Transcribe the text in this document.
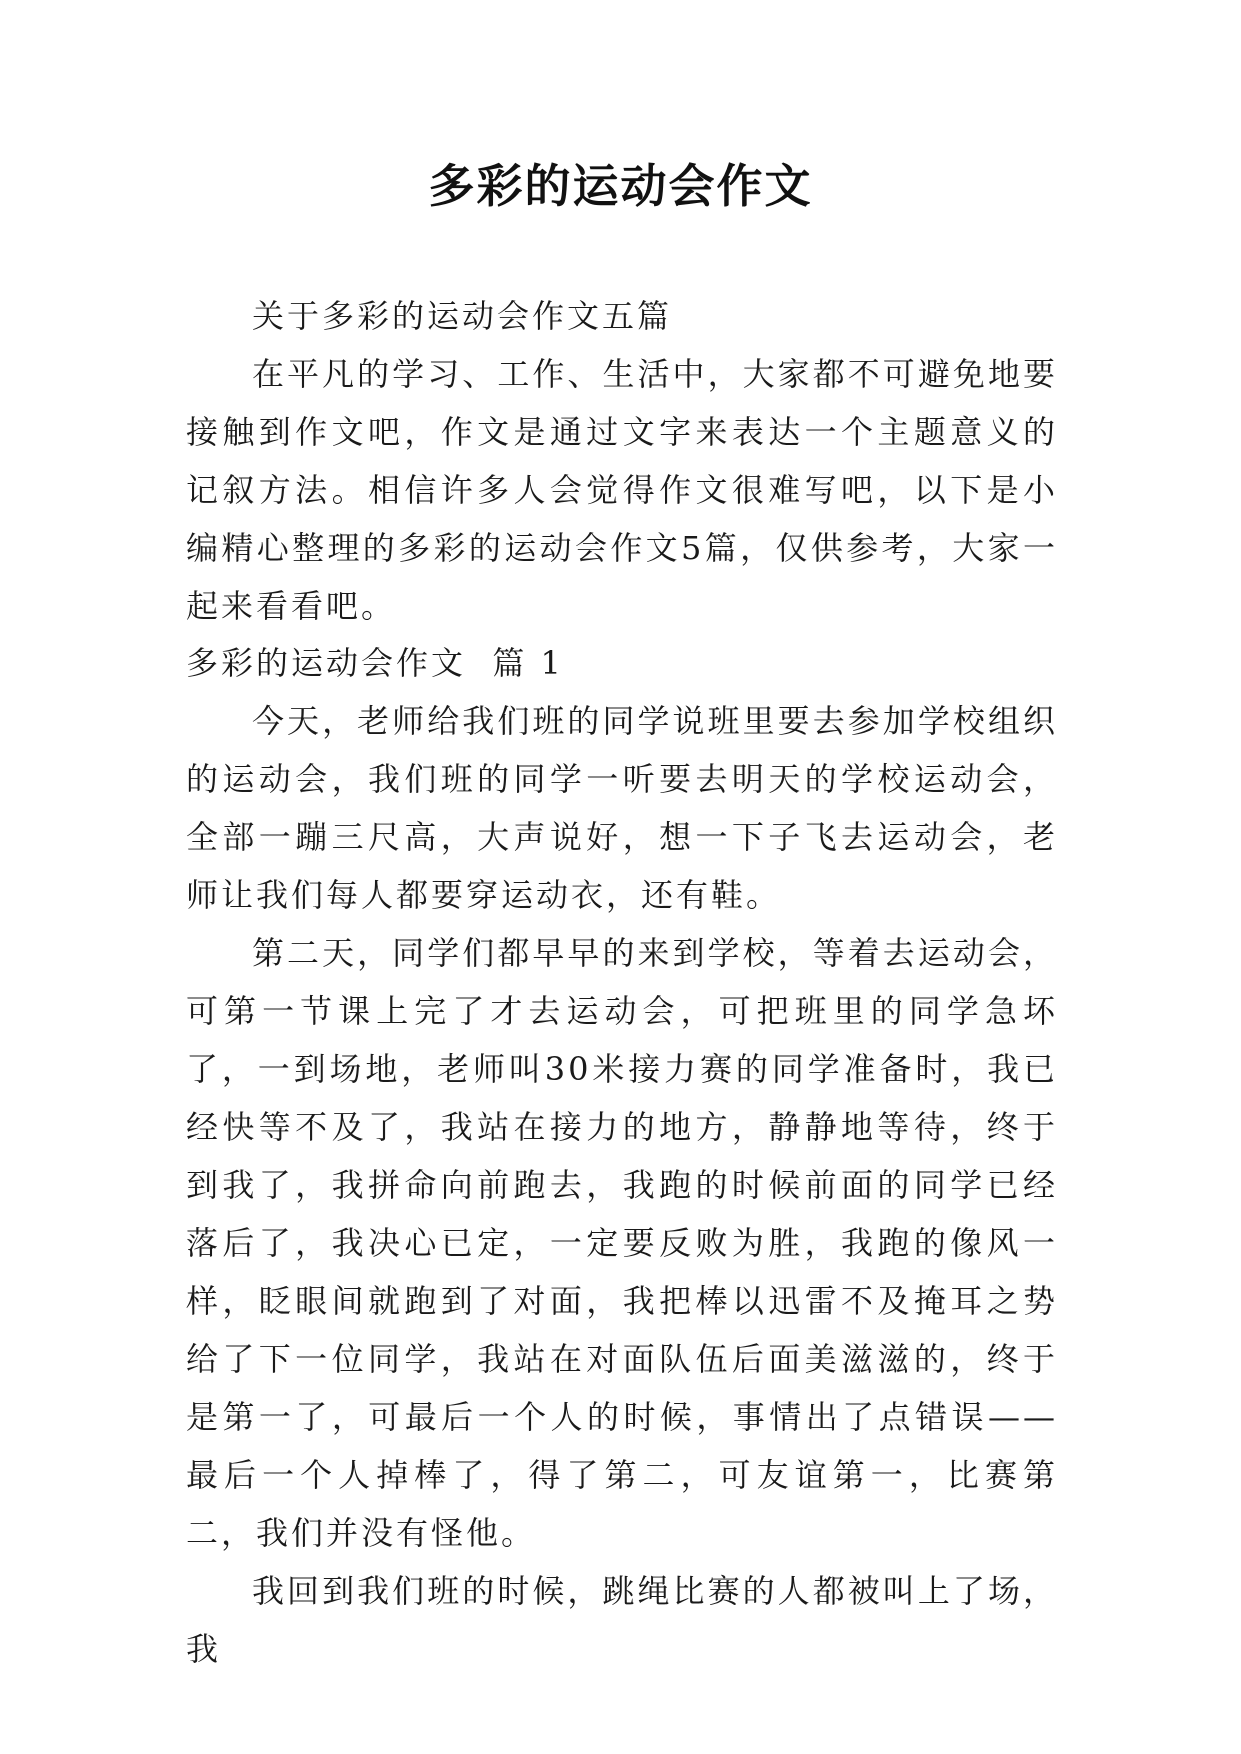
多彩的运动会作文
关于多彩的运动会作文五篇

在平凡的学习、工作、生活中，大家都不可避免地要接触到作文吧，作文是通过文字来表达一个主题意义的记叙方法。相信许多人会觉得作文很难写吧，以下是小编精心整理的多彩的运动会作文5篇，仅供参考，大家一起来看看吧。

多彩的运动会作文  篇 1

今天，老师给我们班的同学说班里要去参加学校组织的运动会，我们班的同学一听要去明天的学校运动会，全部一蹦三尺高，大声说好，想一下子飞去运动会，老师让我们每人都要穿运动衣，还有鞋。

第二天，同学们都早早的来到学校，等着去运动会，可第一节课上完了才去运动会，可把班里的同学急坏了，一到场地，老师叫30米接力赛的同学准备时，我已经快等不及了，我站在接力的地方，静静地等待，终于到我了，我拼命向前跑去，我跑的时候前面的同学已经落后了，我决心已定，一定要反败为胜，我跑的像风一样，眨眼间就跑到了对面，我把棒以迅雷不及掩耳之势给了下一位同学，我站在对面队伍后面美滋滋的，终于是第一了，可最后一个人的时候，事情出了点错误——最后一个人掉棒了，得了第二，可友谊第一，比赛第二，我们并没有怪他。

我回到我们班的时候，跳绳比赛的人都被叫上了场，我
